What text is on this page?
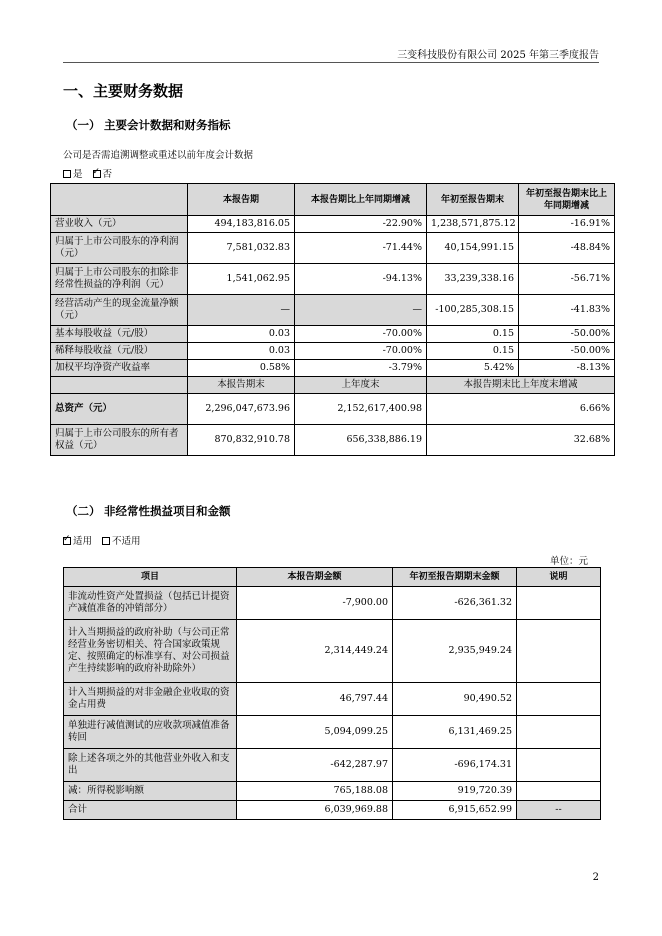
三变科技股份有限公司 2025 年第三季度报告
一、主要财务数据
（一） 主要会计数据和财务指标
公司是否需追溯调整或重述以前年度会计数据
是 ✓ 否
	本报告期	本报告期比上年同期增减	年初至报告期末	年初至报告期末比上年同期增减
营业收入（元）	494,183,816.05	-22.90%	1,238,571,875.12	-16.91%
归属于上市公司股东的净利润（元）	7,581,032.83	-71.44%	40,154,991.15	-48.84%
归属于上市公司股东的扣除非经常性损益的净利润（元）	1,541,062.95	-94.13%	33,239,338.16	-56.71%
经营活动产生的现金流量净额（元）	—	—	-100,285,308.15	-41.83%
基本每股收益（元/股）	0.03	-70.00%	0.15	-50.00%
稀释每股收益（元/股）	0.03	-70.00%	0.15	-50.00%
加权平均净资产收益率	0.58%	-3.79%	5.42%	-8.13%
	本报告期末	上年度末	本报告期末比上年度末增减	
总资产（元）	2,296,047,673.96	2,152,617,400.98	6.66%	
归属于上市公司股东的所有者权益（元）	870,832,910.78	656,338,886.19	32.68%	
（二） 非经常性损益项目和金额
✓适用 不适用
单位：元
项目	本报告期金额	年初至报告期期末金额	说明
非流动性资产处置损益（包括已计提资产减值准备的冲销部分）	-7,900.00	-626,361.32	
计入当期损益的政府补助（与公司正常经营业务密切相关、符合国家政策规定、按照确定的标准享有、对公司损益产生持续影响的政府补助除外）	2,314,449.24	2,935,949.24	
计入当期损益的对非金融企业收取的资金占用费	46,797.44	90,490.52	
单独进行减值测试的应收款项减值准备转回	5,094,099.25	6,131,469.25	
除上述各项之外的其他营业外收入和支出	-642,287.97	-696,174.31	
减：所得税影响额	765,188.08	919,720.39	
合计	6,039,969.88	6,915,652.99	--
2
